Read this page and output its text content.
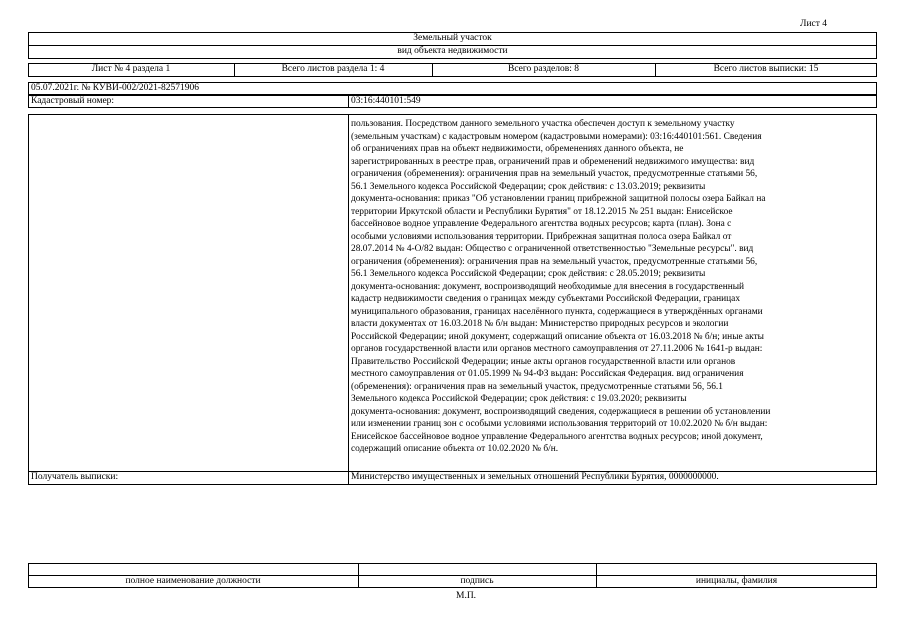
Лист 4
Земельный участок
вид объекта недвижимости
Лист № 4 раздела 1	Всего листов раздела 1: 4	Всего разделов: 8	Всего листов выписки: 15
05.07.2021г. № КУВИ-002/2021-82571906
Кадастровый номер:	03:16:440101:549
пользования. Посредством данного земельного участка обеспечен доступ к земельному участку
(земельным участкам) с кадастровым номером (кадастровыми номерами): 03:16:440101:561. Сведения
об ограничениях прав на объект недвижимости, обременениях данного объекта, не
зарегистрированных в реестре прав, ограничений прав и обременений недвижимого имущества: вид
ограничения (обременения): ограничения прав на земельный участок, предусмотренные статьями 56,
56.1 Земельного кодекса Российской Федерации; срок действия: с 13.03.2019; реквизиты
документа-основания: приказ "Об установлении границ прибрежной защитной полосы озера Байкал на
территории Иркутской области и Республики Бурятия" от 18.12.2015 № 251 выдан: Енисейское
бассейновое водное управление Федерального агентства водных ресурсов; карта (план). Зона с
особыми условиями использования территории. Прибрежная защитная полоса озера Байкал от
28.07.2014 № 4-О/82 выдан: Общество с ограниченной ответственностью "Земельные ресурсы". вид
ограничения (обременения): ограничения прав на земельный участок, предусмотренные статьями 56,
56.1 Земельного кодекса Российской Федерации; срок действия: с 28.05.2019; реквизиты
документа-основания: документ, воспроизводящий необходимые для внесения в государственный
кадастр недвижимости сведения о границах между субъектами Российской Федерации, границах
муниципального образования, границах населённого пункта, содержащиеся в утверждённых органами
власти документах от 16.03.2018 № б/н выдан: Министерство природных ресурсов и экологии
Российской Федерации; иной документ, содержащий описание объекта от 16.03.2018 № б/н; иные акты
органов государственной власти или органов местного самоуправления от 27.11.2006 № 1641-р выдан:
Правительство Российской Федерации; иные акты органов государственной власти или органов
местного самоуправления от 01.05.1999 № 94-ФЗ выдан: Российская Федерация. вид ограничения
(обременения): ограничения прав на земельный участок, предусмотренные статьями 56, 56.1
Земельного кодекса Российской Федерации; срок действия: с 19.03.2020; реквизиты
документа-основания: документ, воспроизводящий сведения, содержащиеся в решении об установлении
или изменении границ зон с особыми условиями использования территорий от 10.02.2020 № б/н выдан:
Енисейское бассейновое водное управление Федерального агентства водных ресурсов; иной документ,
содержащий описание объекта от 10.02.2020 № б/н.
Получатель выписки:	Министерство имущественных и земельных отношений Республики Бурятия, 0000000000.
полное наименование должности	подпись	инициалы, фамилия
М.П.
